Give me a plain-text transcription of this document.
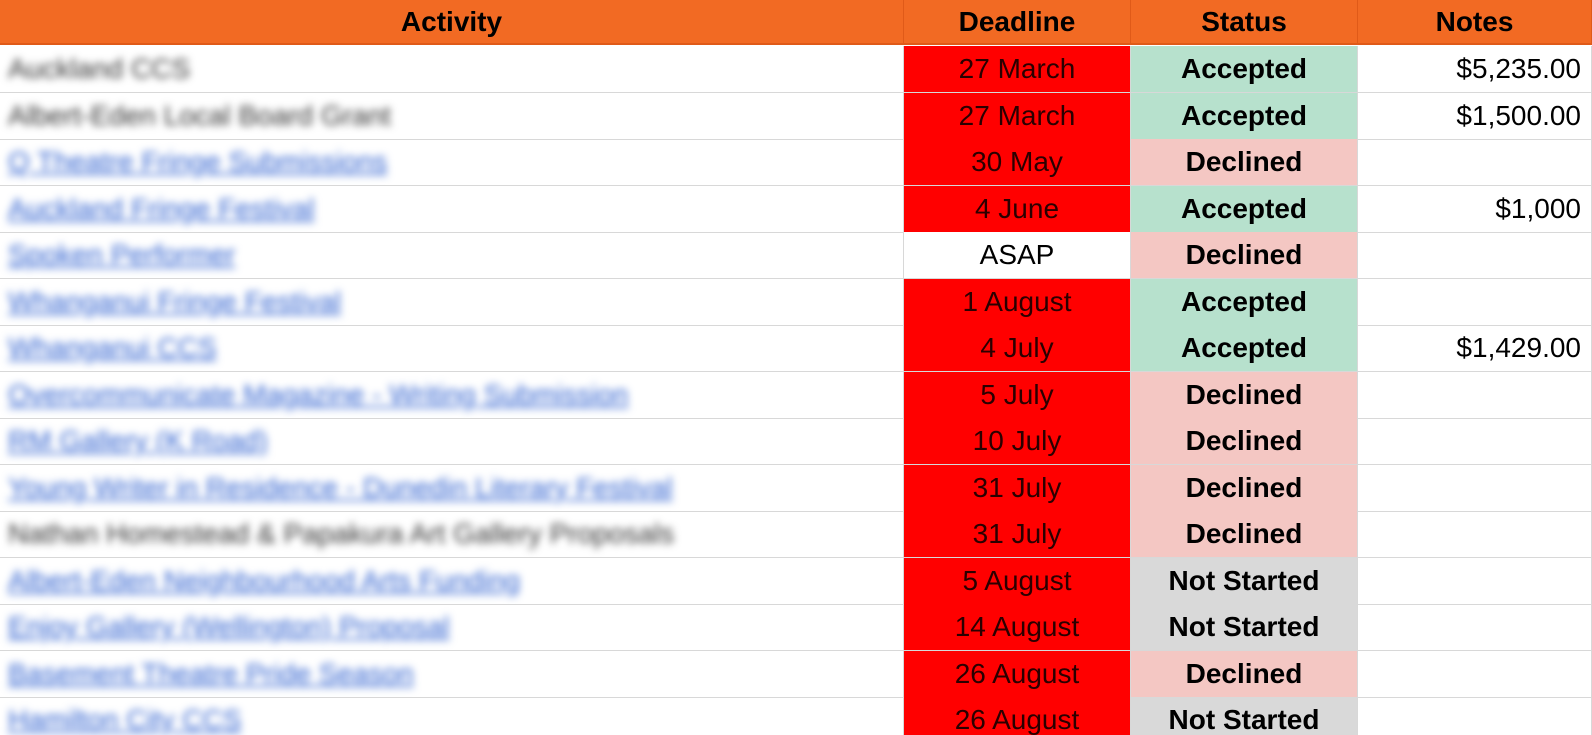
Activity	Deadline	Status	Notes
Auckland CCS	27 March	Accepted	$5,235.00
Albert-Eden Local Board Grant	27 March	Accepted	$1,500.00
Q Theatre Fringe Submissions	30 May	Declined
Auckland Fringe Festival	4 June	Accepted	$1,000
Spoken Performer	ASAP	Declined
Whanganui Fringe Festival	1 August	Accepted
Whanganui CCS	4 July	Accepted	$1,429.00
Overcommunicate Magazine - Writing Submission	5 July	Declined
RM Gallery (K Road)	10 July	Declined
Young Writer in Residence - Dunedin Literary Festival	31 July	Declined
Nathan Homestead & Papakura Art Gallery Proposals	31 July	Declined
Albert-Eden Neighbourhood Arts Funding	5 August	Not Started
Enjoy Gallery (Wellington) Proposal	14 August	Not Started
Basement Theatre Pride Season	26 August	Declined
Hamilton City CCS	26 August	Not Started
